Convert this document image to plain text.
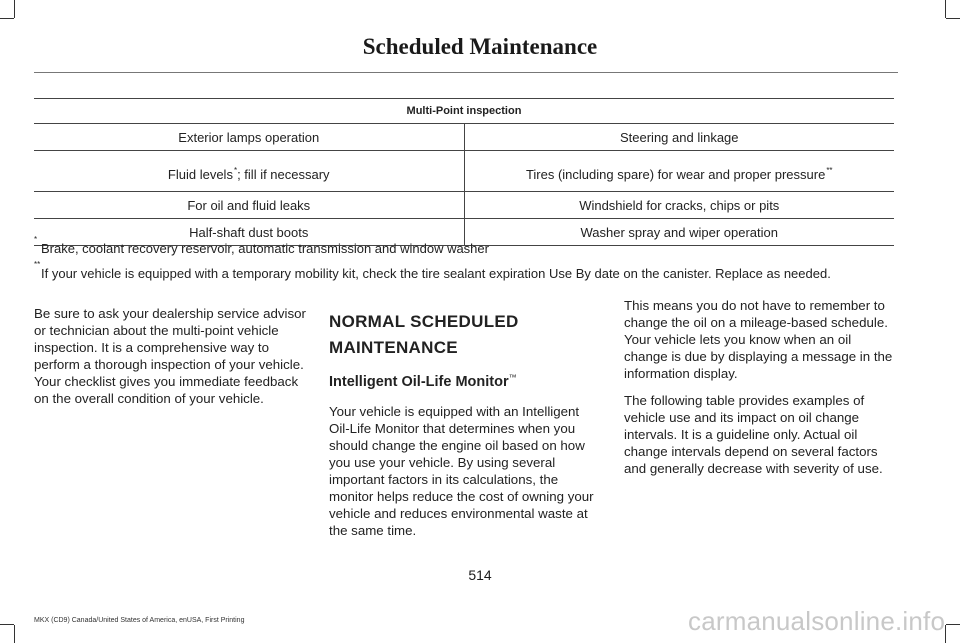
Scheduled Maintenance
Multi-Point inspection	
Exterior lamps operation	Steering and linkage
Fluid levels*; fill if necessary	Tires (including spare) for wear and proper pressure**
For oil and fluid leaks	Windshield for cracks, chips or pits
Half-shaft dust boots	Washer spray and wiper operation
*
Brake, coolant recovery reservoir, automatic transmission and window washer
**
If your vehicle is equipped with a temporary mobility kit, check the tire sealant expiration Use By date on the canister. Replace as needed.

Be sure to ask your dealership service advisor or technician about the multi-point vehicle inspection. It is a comprehensive way to perform a thorough inspection of your vehicle. Your checklist gives you immediate feedback on the overall condition of your vehicle.

NORMAL SCHEDULED MAINTENANCE
Intelligent Oil-Life Monitor™

Your vehicle is equipped with an Intelligent Oil-Life Monitor that determines when you should change the engine oil based on how you use your vehicle. By using several important factors in its calculations, the monitor helps reduce the cost of owning your vehicle and reduces environmental waste at the same time.

This means you do not have to remember to change the oil on a mileage-based schedule. Your vehicle lets you know when an oil change is due by displaying a message in the information display.

The following table provides examples of vehicle use and its impact on oil change intervals. It is a guideline only. Actual oil change intervals depend on several factors and generally decrease with severity of use.

514
MKX (CD9) Canada/United States of America, enUSA, First Printing	carmanualsonline.info
